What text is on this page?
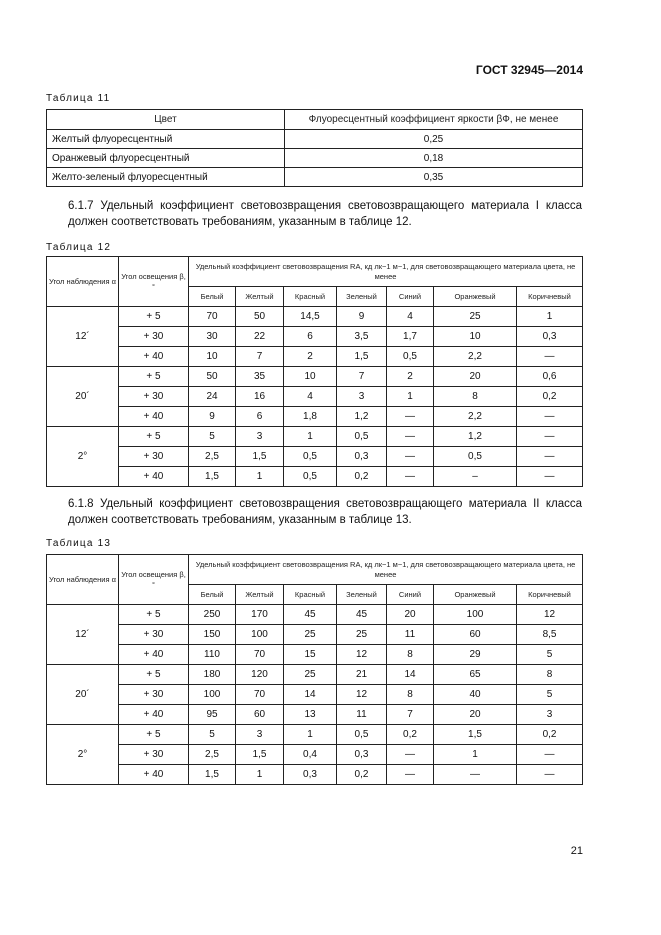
ГОСТ 32945—2014
Таблица 11
Цвет	Флуоресцентный коэффициент яркости βФ, не менее
Желтый флуоресцентный	0,25
Оранжевый флуоресцентный	0,18
Желто-зеленый флуоресцентный	0,35
6.1.7 Удельный коэффициент световозвращения световозвращающего материала I класса должен соответствовать требованиям, указанным в таблице 12.
Таблица 12
Угол наблюдения α	Угол освещения β, °	Удельный коэффициент световозвращения RA, кд лк−1 м−1, для световозвращающего материала цвета, не менее						
		Белый	Желтый	Красный	Зеленый	Синий	Оранжевый	Коричневый
12´	+ 5	70	50	14,5	9	4	25	1
	+ 30	30	22	6	3,5	1,7	10	0,3
	+ 40	10	7	2	1,5	0,5	2,2	—
20´	+ 5	50	35	10	7	2	20	0,6
	+ 30	24	16	4	3	1	8	0,2
	+ 40	9	6	1,8	1,2	—	2,2	—
2°	+ 5	5	3	1	0,5	—	1,2	—
	+ 30	2,5	1,5	0,5	0,3	—	0,5	—
	+ 40	1,5	1	0,5	0,2	—	–	—
6.1.8 Удельный коэффициент световозвращения световозвращающего материала II класса должен соответствовать требованиям, указанным в таблице 13.
Таблица 13
Угол наблюдения α	Угол освещения β, °	Удельный коэффициент световозвращения RA, кд лк−1 м−1, для световозвращающего материала цвета, не менее						
		Белый	Желтый	Красный	Зеленый	Синий	Оранжевый	Коричневый
12´	+ 5	250	170	45	45	20	100	12
	+ 30	150	100	25	25	11	60	8,5
	+ 40	110	70	15	12	8	29	5
20´	+ 5	180	120	25	21	14	65	8
	+ 30	100	70	14	12	8	40	5
	+ 40	95	60	13	11	7	20	3
2°	+ 5	5	3	1	0,5	0,2	1,5	0,2
	+ 30	2,5	1,5	0,4	0,3	—	1	—
	+ 40	1,5	1	0,3	0,2	—	—	—
21
